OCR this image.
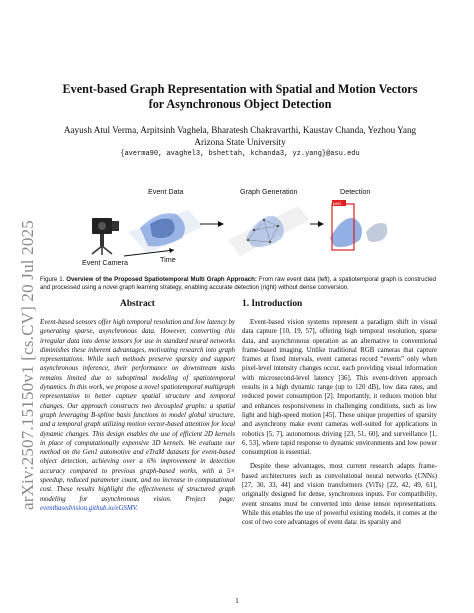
arXiv:2507.15150v1 [cs.CV] 20 Jul 2025
Event-based Graph Representation with Spatial and Motion Vectors
for Asynchronous Object Detection
Aayush Atul Verma, Arpitsinh Vaghela, Bharatesh Chakravarthi, Kaustav Chanda, Yezhou Yang
Arizona State University
{averma90, avaghel3, bshettah, kchanda3, yz.yang}@asu.edu
Event Camera
Event Data
Time
Graph Generation
ped
Detection
Figure 1. Overview of the Proposed Spatiotemporal Multi Graph Approach: From raw event data (left), a spatiotemporal graph is constructed and processed using a novel graph learning strategy, enabling accurate detection (right) without dense conversion.
Abstract

Event-based sensors offer high temporal resolution and low latency by generating sparse, asynchronous data. However, converting this irregular data into dense tensors for use in standard neural networks diminishes these inherent advantages, motivating research into graph representations. While such methods preserve sparsity and support asynchronous inference, their performance on downstream tasks remains limited due to suboptimal modeling of spatiotemporal dynamics. In this work, we propose a novel spatiotemporal multigraph representation to better capture spatial structure and temporal changes. Our approach constructs two decoupled graphs: a spatial graph leveraging B-spline basis functions to model global structure, and a temporal graph utilizing motion vector-based attention for local dynamic changes. This design enables the use of efficient 2D kernels in place of computationally expensive 3D kernels. We evaluate our method on the Gen1 automotive and eTraM datasets for event-based object detection, achieving over a 6% improvement in detection accuracy compared to previous graph-based works, with a 5× speedup, reduced parameter count, and no increase in computational cost. These results highlight the effectiveness of structured graph modeling for asynchronous vision. Project page: eventbasedvision.github.io/eGSMV.

1. Introduction

Event-based vision systems represent a paradigm shift in visual data capture [10, 19, 57], offering high temporal resolution, sparse data, and asynchronous operation as an alternative to conventional frame-based imaging. Unlike traditional RGB cameras that capture frames at fixed intervals, event cameras record “events” only when pixel-level intensity changes occur, each providing visual information with microsecond-level latency [36]. This event-driven approach results in a high dynamic range (up to 120 dB), low data rates, and reduced power consumption [2]. Importantly, it reduces motion blur and enhances responsiveness in challenging conditions, such as low light and high-speed motion [45]. These unique properties of sparsity and asynchrony make event cameras well-suited for applications in robotics [5, 7], autonomous driving [23, 51, 60], and surveillance [1, 6, 53], where rapid response to dynamic environments and low power consumption is essential.

Despite these advantages, most current research adapts frame-based architectures such as convolutional neural networks (CNNs) [27, 30, 33, 44] and vision transformers (ViTs) [22, 42, 49, 61], originally designed for dense, synchronous inputs. For compatibility, event streams must be converted into dense tensor representations. While this enables the use of powerful existing models, it comes at the cost of two core advantages of event data: its sparsity and

1
